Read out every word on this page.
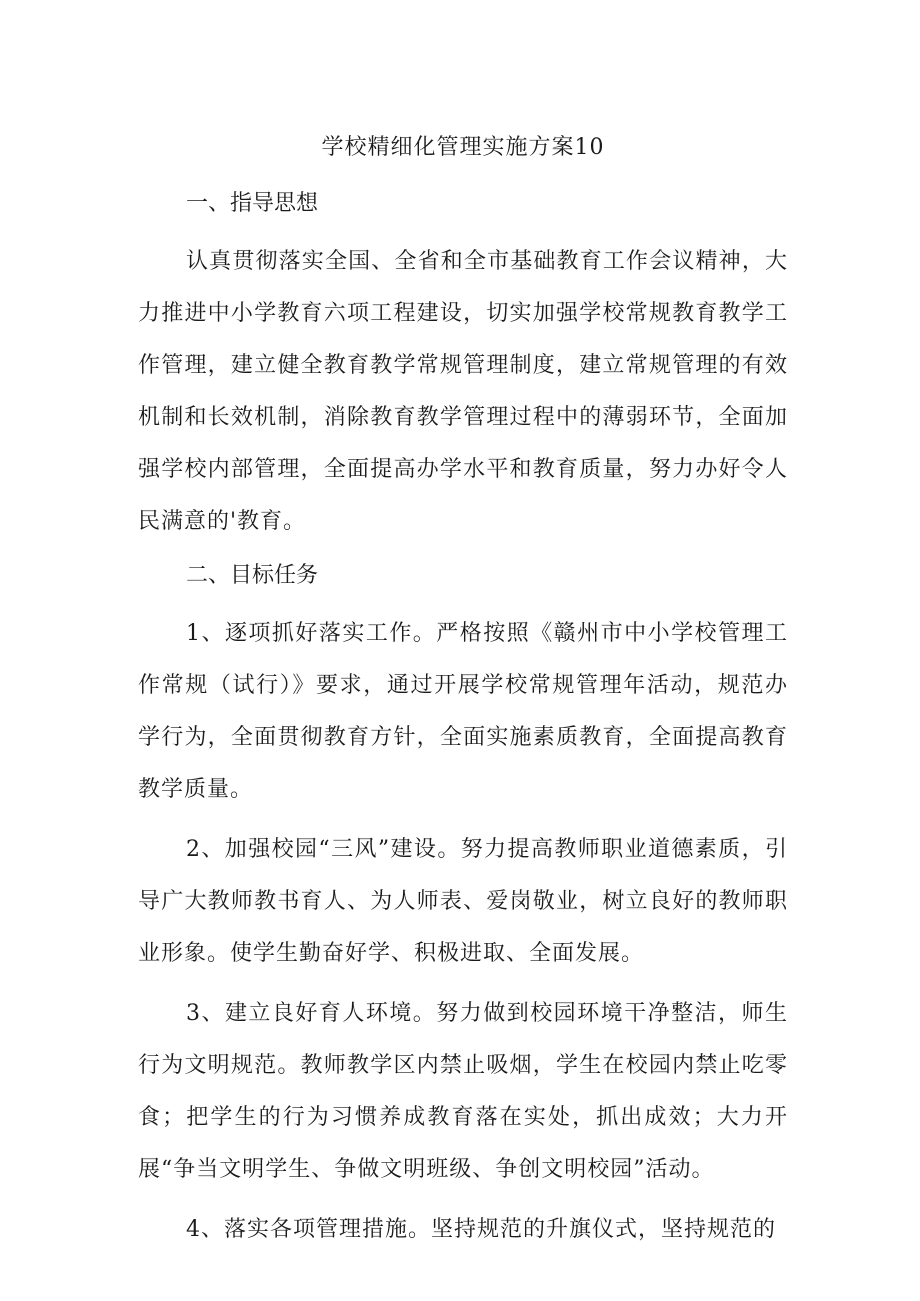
学校精细化管理实施方案10
一、指导思想

认真贯彻落实全国、全省和全市基础教育工作会议精神，大力推进中小学教育六项工程建设，切实加强学校常规教育教学工作管理，建立健全教育教学常规管理制度，建立常规管理的有效机制和长效机制，消除教育教学管理过程中的薄弱环节，全面加强学校内部管理，全面提高办学水平和教育质量，努力办好令人民满意的'教育。

二、目标任务

1、逐项抓好落实工作。严格按照《赣州市中小学校管理工作常规（试行）》要求，通过开展学校常规管理年活动，规范办学行为，全面贯彻教育方针，全面实施素质教育，全面提高教育教学质量。

2、加强校园“三风”建设。努力提高教师职业道德素质，引导广大教师教书育人、为人师表、爱岗敬业，树立良好的教师职业形象。使学生勤奋好学、积极进取、全面发展。

3、建立良好育人环境。努力做到校园环境干净整洁，师生行为文明规范。教师教学区内禁止吸烟，学生在校园内禁止吃零食；把学生的行为习惯养成教育落在实处，抓出成效；大力开展“争当文明学生、争做文明班级、争创文明校园”活动。

4、落实各项管理措施。坚持规范的升旗仪式，坚持规范的
